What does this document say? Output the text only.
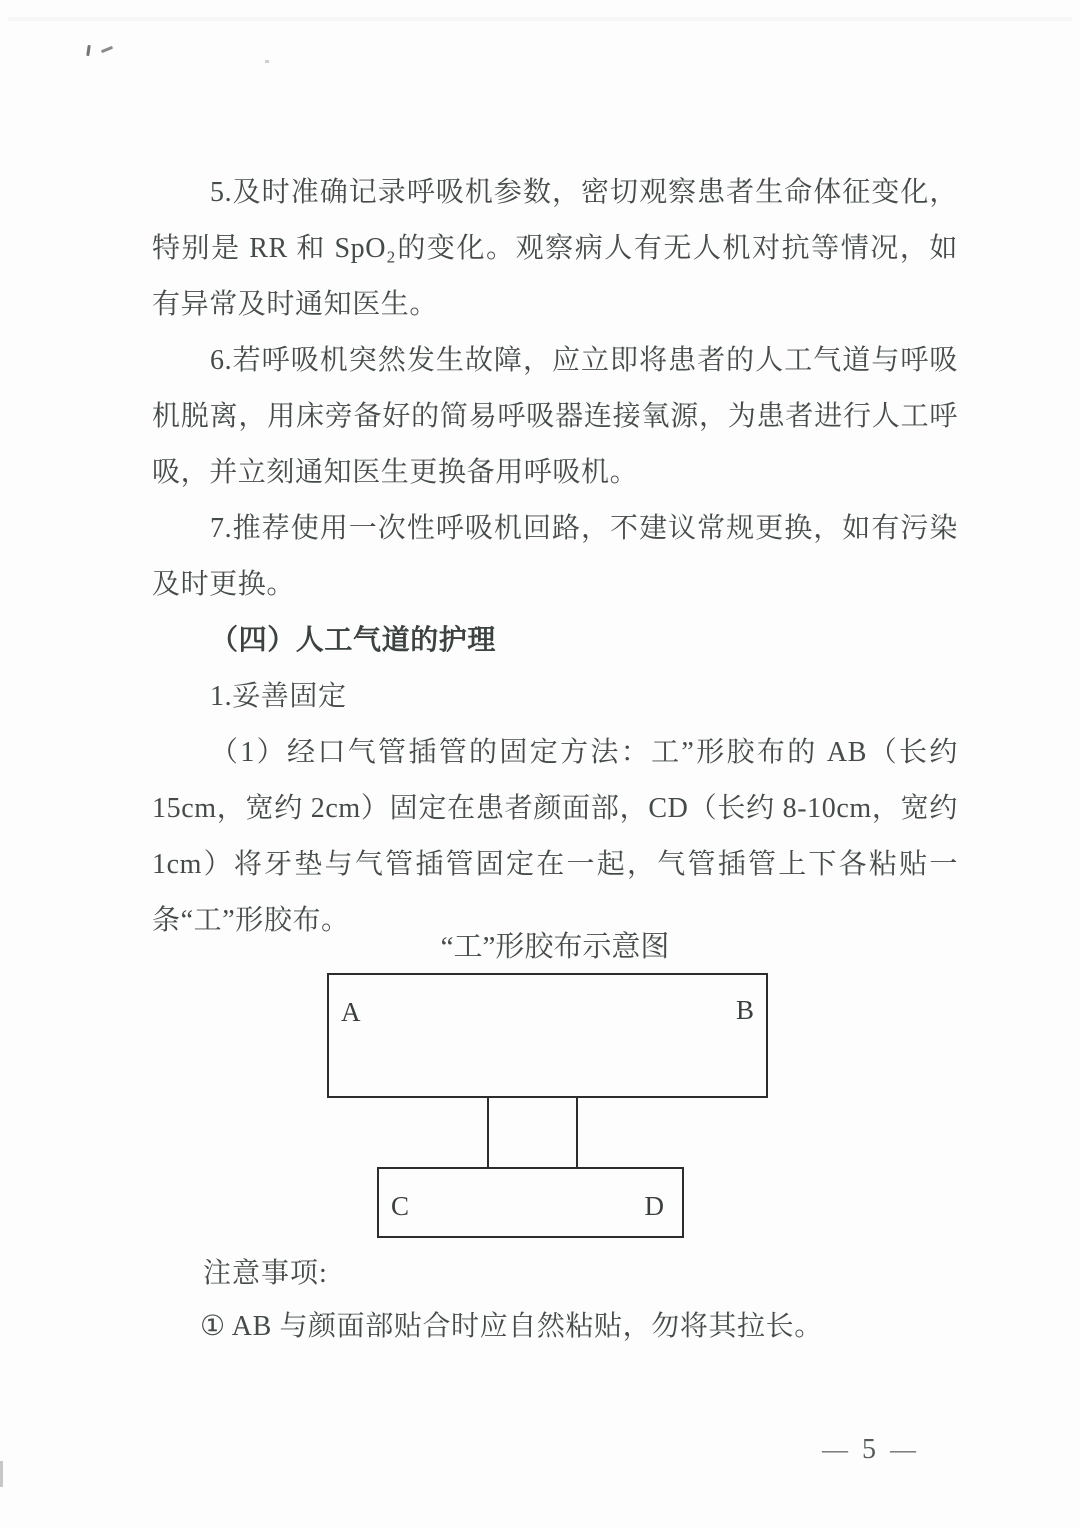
5.及时准确记录呼吸机参数，密切观察患者生命体征变化，特别是 RR 和 SpO₂的变化。观察病人有无人机对抗等情况，如有异常及时通知医生。

6.若呼吸机突然发生故障，应立即将患者的人工气道与呼吸机脱离，用床旁备好的简易呼吸器连接氧源，为患者进行人工呼吸，并立刻通知医生更换备用呼吸机。

7.推荐使用一次性呼吸机回路，不建议常规更换，如有污染及时更换。

（四）人工气道的护理

1.妥善固定

（1）经口气管插管的固定方法：工”形胶布的 AB（长约 15cm，宽约 2cm）固定在患者颜面部，CD（长约 8-10cm，宽约 1cm）将牙垫与气管插管固定在一起，气管插管上下各粘贴一条“工”形胶布。

“工”形胶布示意图
A	B
C	D
注意事项:

① AB 与颜面部贴合时应自然粘贴，勿将其拉长。

— 5 —
